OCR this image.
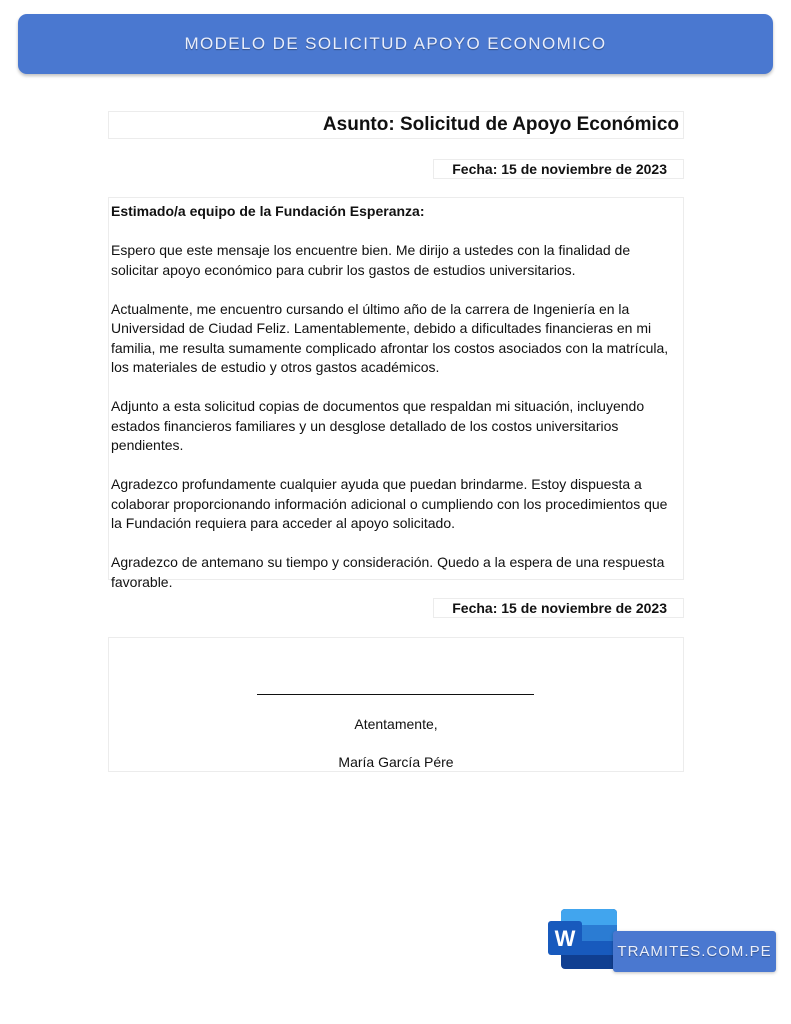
MODELO DE SOLICITUD APOYO ECONOMICO
Asunto: Solicitud de Apoyo Económico
Fecha: 15 de noviembre de 2023

Estimado/a equipo de la Fundación Esperanza:

Espero que este mensaje los encuentre bien. Me dirijo a ustedes con la finalidad de solicitar apoyo económico para cubrir los gastos de estudios universitarios.

Actualmente, me encuentro cursando el último año de la carrera de Ingeniería en la Universidad de Ciudad Feliz. Lamentablemente, debido a dificultades financieras en mi familia, me resulta sumamente complicado afrontar los costos asociados con la matrícula, los materiales de estudio y otros gastos académicos.

Adjunto a esta solicitud copias de documentos que respaldan mi situación, incluyendo estados financieros familiares y un desglose detallado de los costos universitarios pendientes.

Agradezco profundamente cualquier ayuda que puedan brindarme. Estoy dispuesta a colaborar proporcionando información adicional o cumpliendo con los procedimientos que la Fundación requiera para acceder al apoyo solicitado.

Agradezco de antemano su tiempo y consideración. Quedo a la espera de una respuesta favorable.

Fecha: 15 de noviembre de 2023
Atentamente,
María García Pére
W
TRAMITES.COM.PE
